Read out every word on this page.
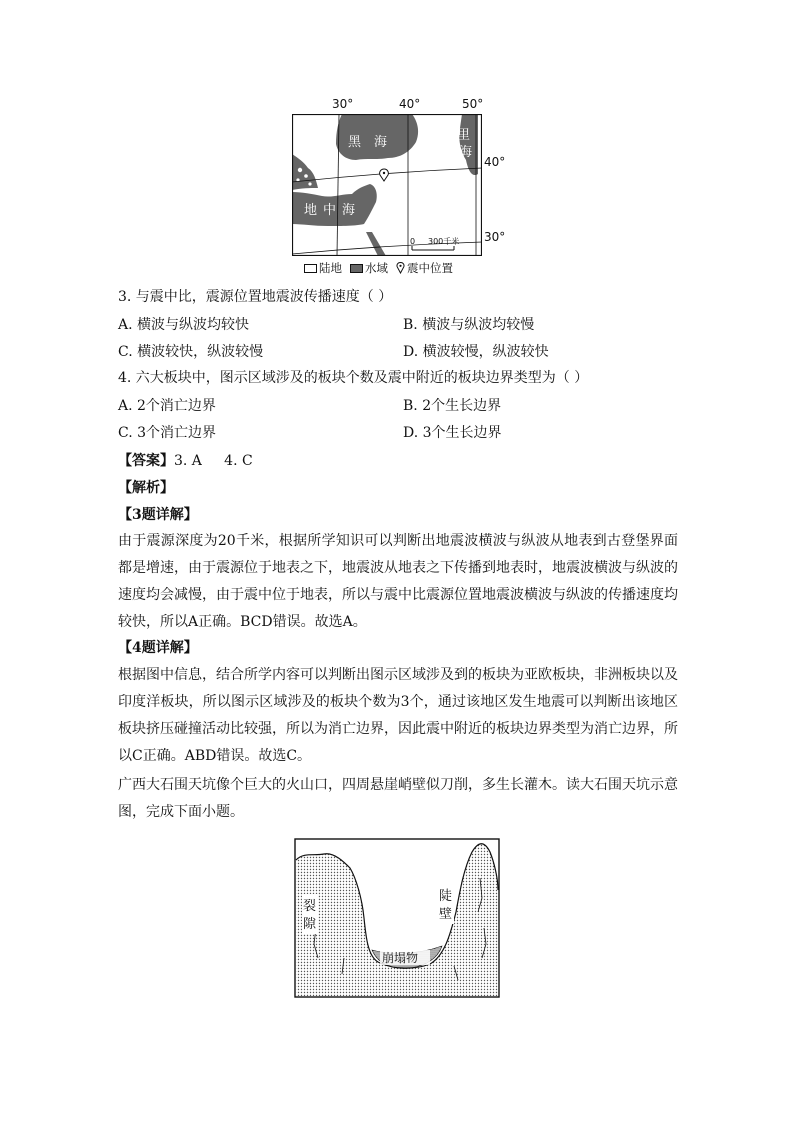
30°	40°	50°
40°
30°
黑 海	里
海
地 中 海
0 300千米
陆地 水域 震中位置
3. 与震中比，震源位置地震波传播速度（ ）
A. 横波与纵波均较快	B. 横波与纵波均较慢
C. 横波较快，纵波较慢	D. 横波较慢，纵波较快
4. 六大板块中，图示区域涉及的板块个数及震中附近的板块边界类型为（ ）
A. 2个消亡边界	B. 2个生长边界
C. 3个消亡边界	D. 3个生长边界
【答案】3. A     4. C
【解析】
【3题详解】
由于震源深度为20千米，根据所学知识可以判断出地震波横波与纵波从地表到古登堡界面都是增速，由于震源位于地表之下，地震波从地表之下传播到地表时，地震波横波与纵波的速度均会减慢，由于震中位于地表，所以与震中比震源位置地震波横波与纵波的传播速度均较快，所以A正确。BCD错误。故选A。
【4题详解】
根据图中信息，结合所学内容可以判断出图示区域涉及到的板块为亚欧板块，非洲板块以及印度洋板块，所以图示区域涉及的板块个数为3个，通过该地区发生地震可以判断出该地区板块挤压碰撞活动比较强，所以为消亡边界，因此震中附近的板块边界类型为消亡边界，所以C正确。ABD错误。故选C。
广西大石围天坑像个巨大的火山口，四周悬崖峭壁似刀削，多生长灌木。读大石围天坑示意图，完成下面小题。
裂
隙
陡
壁
崩塌物
